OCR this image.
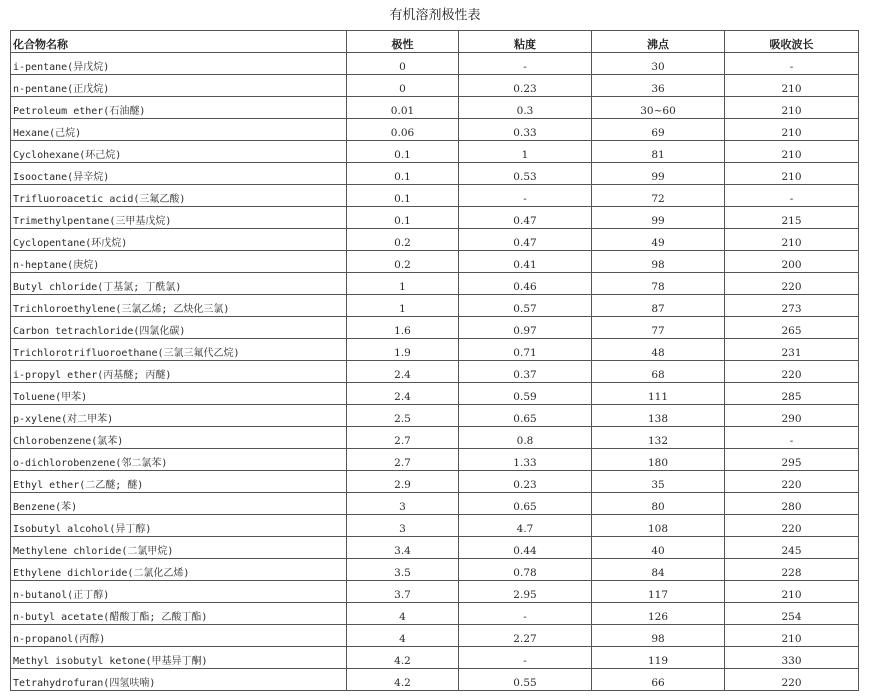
有机溶剂极性表
化合物名称	极性	粘度	沸点	吸收波长
i-pentane(异戊烷)	0	-	30	-
n-pentane(正戊烷)	0	0.23	36	210
Petroleum ether(石油醚)	0.01	0.3	30~60	210
Hexane(己烷)	0.06	0.33	69	210
Cyclohexane(环己烷)	0.1	1	81	210
Isooctane(异辛烷)	0.1	0.53	99	210
Trifluoroacetic acid(三氟乙酸)	0.1	-	72	-
Trimethylpentane(三甲基戊烷)	0.1	0.47	99	215
Cyclopentane(环戊烷)	0.2	0.47	49	210
n-heptane(庚烷)	0.2	0.41	98	200
Butyl chloride(丁基氯; 丁酰氯)	1	0.46	78	220
Trichloroethylene(三氯乙烯; 乙炔化三氯)	1	0.57	87	273
Carbon tetrachloride(四氯化碳)	1.6	0.97	77	265
Trichlorotrifluoroethane(三氯三氟代乙烷)	1.9	0.71	48	231
i-propyl ether(丙基醚; 丙醚)	2.4	0.37	68	220
Toluene(甲苯)	2.4	0.59	111	285
p-xylene(对二甲苯)	2.5	0.65	138	290
Chlorobenzene(氯苯)	2.7	0.8	132	-
o-dichlorobenzene(邻二氯苯)	2.7	1.33	180	295
Ethyl ether(二乙醚; 醚)	2.9	0.23	35	220
Benzene(苯)	3	0.65	80	280
Isobutyl alcohol(异丁醇)	3	4.7	108	220
Methylene chloride(二氯甲烷)	3.4	0.44	40	245
Ethylene dichloride(二氯化乙烯)	3.5	0.78	84	228
n-butanol(正丁醇)	3.7	2.95	117	210
n-butyl acetate(醋酸丁酯; 乙酸丁酯)	4	-	126	254
n-propanol(丙醇)	4	2.27	98	210
Methyl isobutyl ketone(甲基异丁酮)	4.2	-	119	330
Tetrahydrofuran(四氢呋喃)	4.2	0.55	66	220
